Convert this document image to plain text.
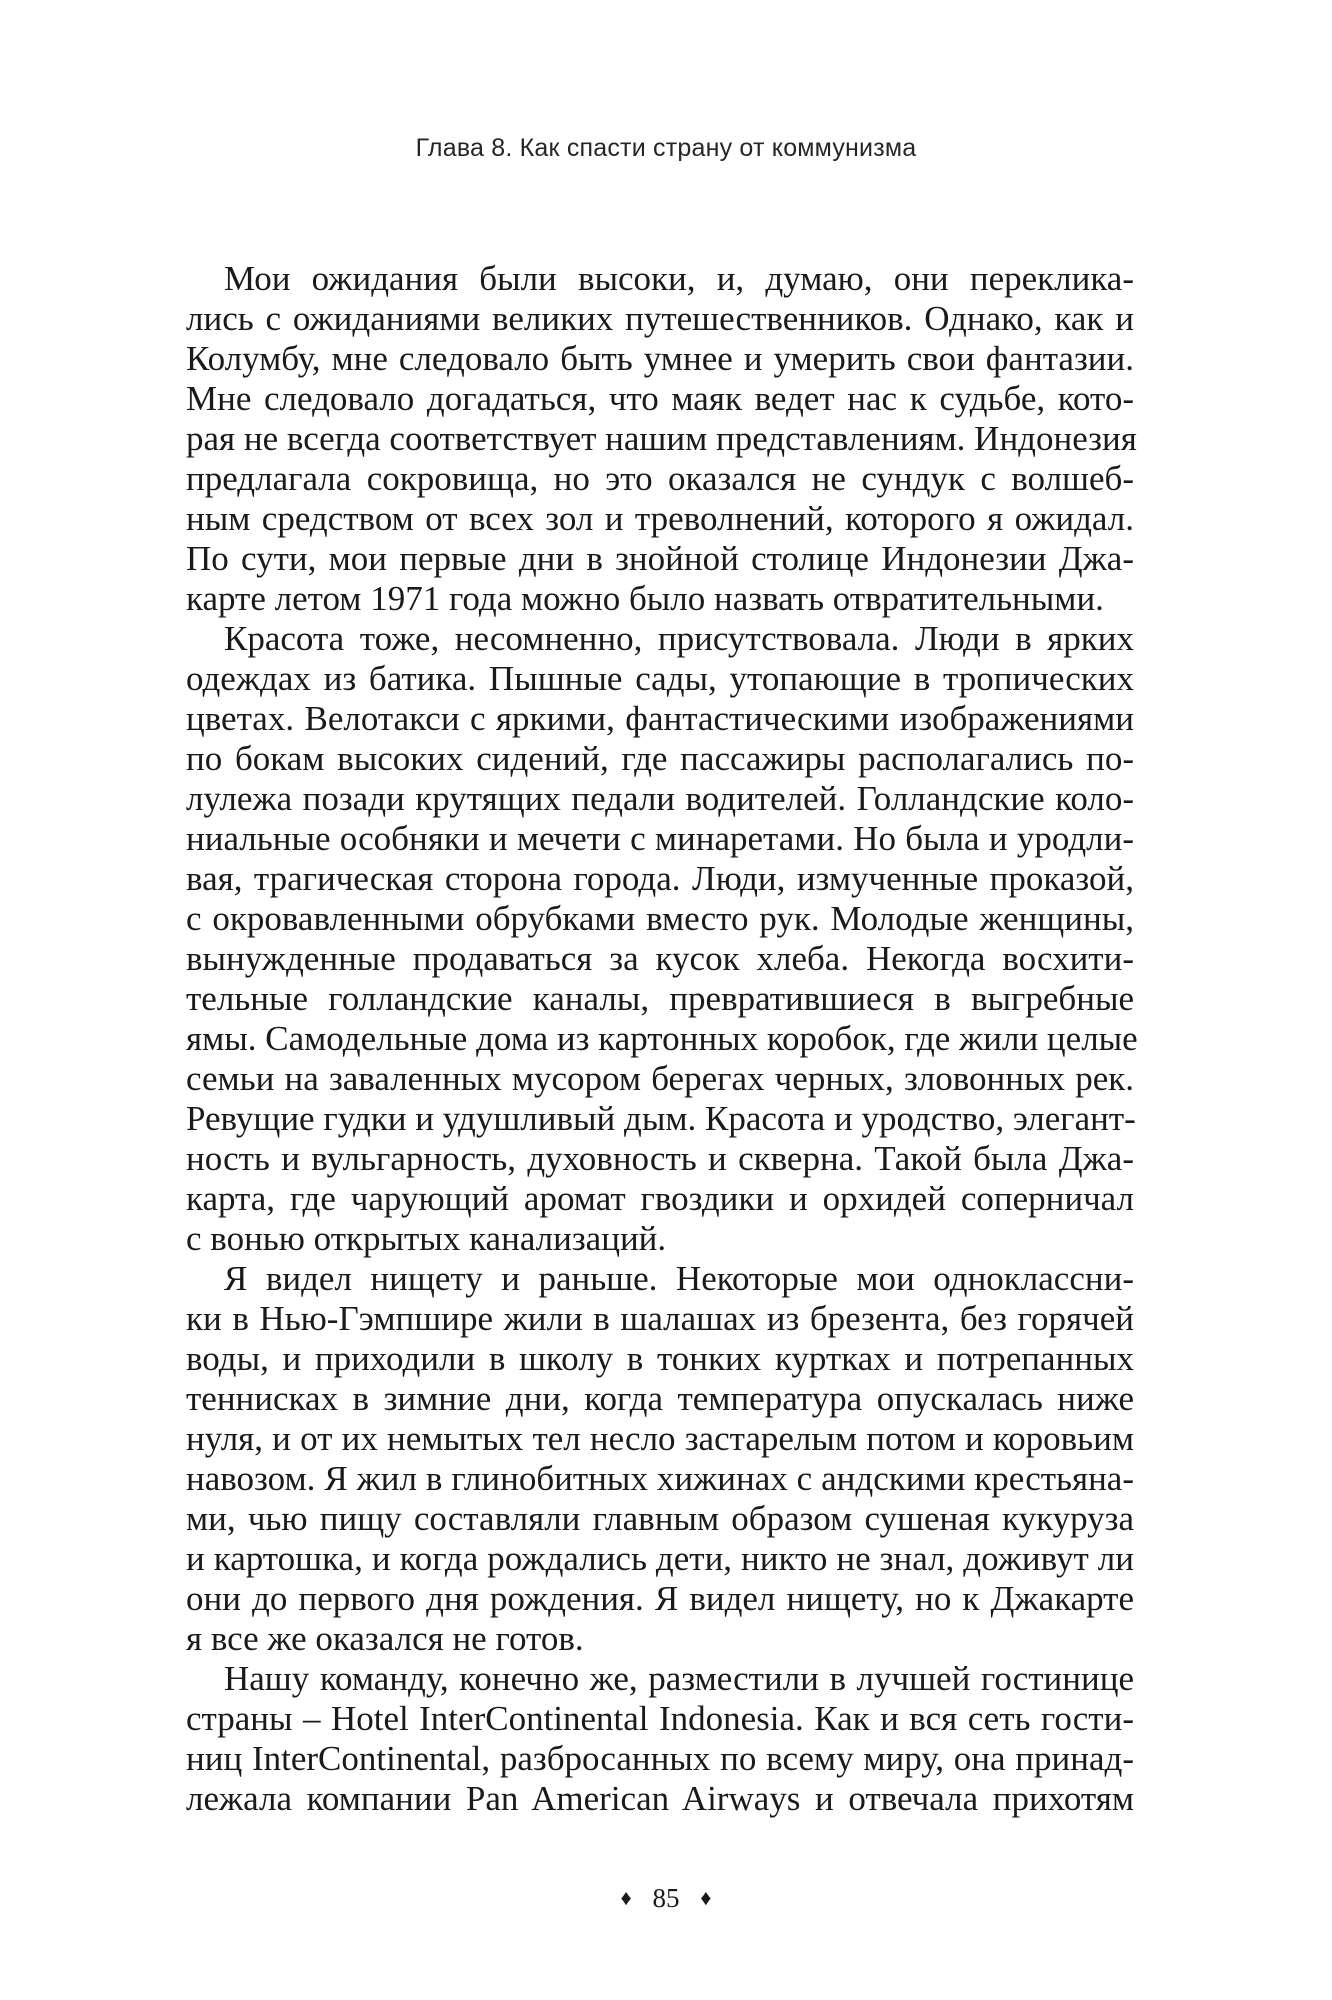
Глава 8. Как спасти страну от коммунизма
Мои ожидания были высоки, и, думаю, они переклика-
лись с ожиданиями великих путешественников. Однако, как и
Колумбу, мне следовало быть умнее и умерить свои фантазии.
Мне следовало догадаться, что маяк ведет нас к судьбе, кото-
рая не всегда соответствует нашим представлениям. Индонезия
предлагала сокровища, но это оказался не сундук с волшеб-
ным средством от всех зол и треволнений, которого я ожидал.
По сути, мои первые дни в знойной столице Индонезии Джа-
карте летом 1971 года можно было назвать отвратительными.
Красота тоже, несомненно, присутствовала. Люди в ярких
одеждах из батика. Пышные сады, утопающие в тропических
цветах. Велотакси с яркими, фантастическими изображениями
по бокам высоких сидений, где пассажиры располагались по-
лулежа позади крутящих педали водителей. Голландские коло-
ниальные особняки и мечети с минаретами. Но была и уродли-
вая, трагическая сторона города. Люди, измученные проказой,
с окровавленными обрубками вместо рук. Молодые женщины,
вынужденные продаваться за кусок хлеба. Некогда восхити-
тельные голландские каналы, превратившиеся в выгребные
ямы. Самодельные дома из картонных коробок, где жили целые
семьи на заваленных мусором берегах черных, зловонных рек.
Ревущие гудки и удушливый дым. Красота и уродство, элегант-
ность и вульгарность, духовность и скверна. Такой была Джа-
карта, где чарующий аромат гвоздики и орхидей соперничал
с вонью открытых канализаций.
Я видел нищету и раньше. Некоторые мои одноклассни-
ки в Нью-Гэмпшире жили в шалашах из брезента, без горячей
воды, и приходили в школу в тонких куртках и потрепанных
теннисках в зимние дни, когда температура опускалась ниже
нуля, и от их немытых тел несло застарелым потом и коровьим
навозом. Я жил в глинобитных хижинах с андскими крестьяна-
ми, чью пищу составляли главным образом сушеная кукуруза
и картошка, и когда рождались дети, никто не знал, доживут ли
они до первого дня рождения. Я видел нищету, но к Джакарте
я все же оказался не готов.
Нашу команду, конечно же, разместили в лучшей гостинице
страны – Hotel InterContinental Indonesia. Как и вся сеть гости-
ниц InterContinental, разбросанных по всему миру, она принад-
лежала компании Pan American Airways и отвечала прихотям
♦ 85 ♦
